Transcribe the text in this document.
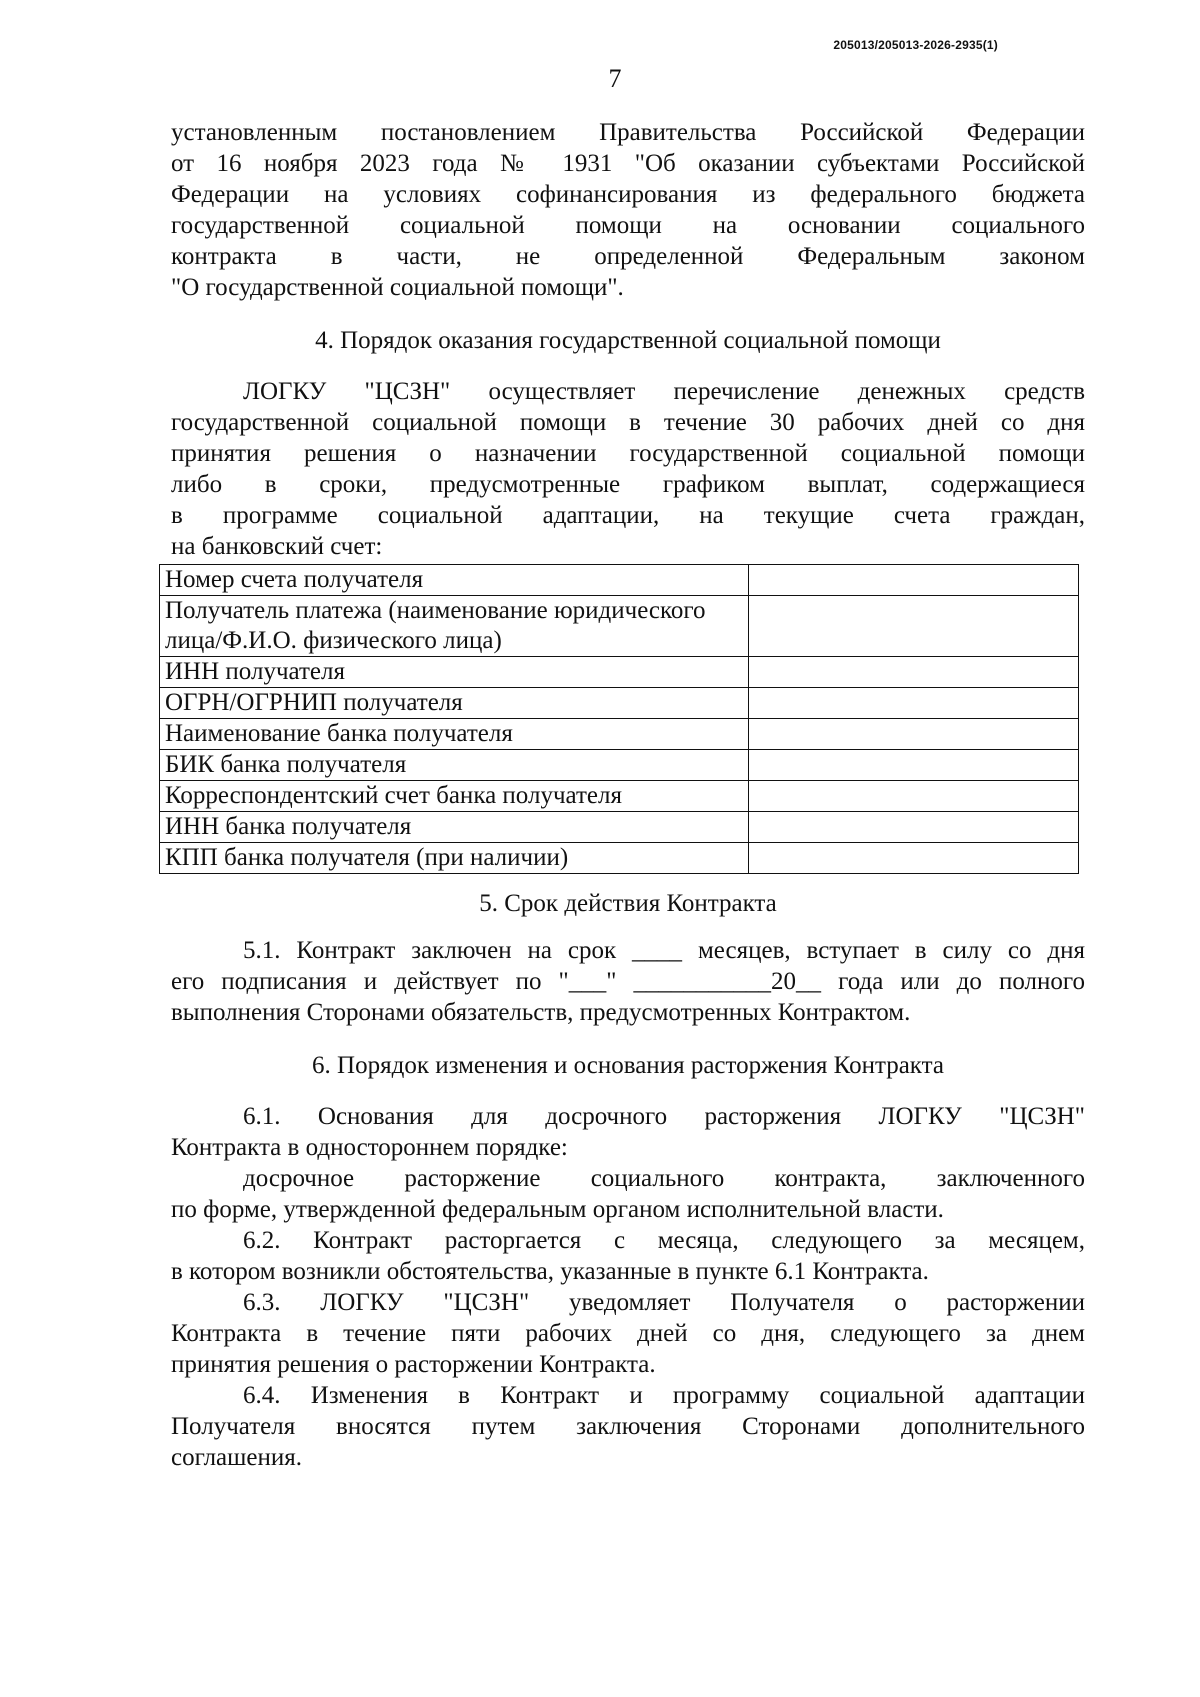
205013/205013-2026-2935(1)
7

установленным постановлением Правительства Российской Федерации

от 16 ноября 2023 года № 1931 "Об оказании субъектами Российской

Федерации на условиях софинансирования из федерального бюджета

государственной социальной помощи на основании социального

контракта в части, не определенной Федеральным законом

"О государственной социальной помощи".

4. Порядок оказания государственной социальной помощи

ЛОГКУ "ЦСЗН" осуществляет перечисление денежных средств

государственной социальной помощи в течение 30 рабочих дней со дня

принятия решения о назначении государственной социальной помощи

либо в сроки, предусмотренные графиком выплат, содержащиеся

в программе социальной адаптации, на текущие счета граждан,

на банковский счет:

Номер счета получателя	
Получатель платежа (наименование юридического лица/Ф.И.О. физического лица)	
ИНН получателя	
ОГРН/ОГРНИП получателя	
Наименование банка получателя	
БИК банка получателя	
Корреспондентский счет банка получателя	
ИНН банка получателя	
КПП банка получателя (при наличии)	

5. Срок действия Контракта

5.1. Контракт заключен на срок ____ месяцев, вступает в силу со дня

его подписания и действует по "___" ___________20__ года или до полного

выполнения Сторонами обязательств, предусмотренных Контрактом.

6. Порядок изменения и основания расторжения Контракта

6.1. Основания для досрочного расторжения ЛОГКУ "ЦСЗН"

Контракта в одностороннем порядке:

досрочное расторжение социального контракта, заключенного

по форме, утвержденной федеральным органом исполнительной власти.

6.2. Контракт расторгается с месяца, следующего за месяцем,

в котором возникли обстоятельства, указанные в пункте 6.1 Контракта.

6.3. ЛОГКУ "ЦСЗН" уведомляет Получателя о расторжении

Контракта в течение пяти рабочих дней со дня, следующего за днем

принятия решения о расторжении Контракта.

6.4. Изменения в Контракт и программу социальной адаптации

Получателя вносятся путем заключения Сторонами дополнительного

соглашения.
